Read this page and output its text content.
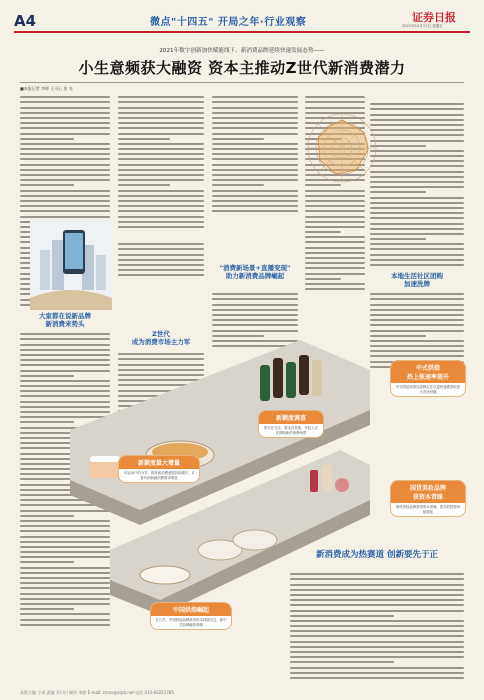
A4	微点"十四五" 开局之年·行业观察	证券日报
2021年12月17日 星期五
2021年数字创新加快赋能线下、新消费品牌延续快速发展态势——
小生意频获大融资 资本主推动Z世代新消费潜力
■本报记者 李婷 王可心 张 亮
大家都在说新品牌
新消费来势头
Z世代
成为消费市场主力军
"消费新场景+直播变现"
助力新消费品牌崛起	本地生活社区团购
加速洗牌
新颖度调查
资本在关注、资本在投资，年轻人正在期待新的消费场景
新颖度最大增量
年轻用户的分享、推荐和消费意愿持续增长，Z世代的新颖消费需求明显
中式烘焙
热上涨速率提升
中式烘焙和茶饮品牌正在以更快速度获取更大市场份额
国货美妆品牌
获资本青睐
国货美妆品牌获得资本青睐，资本的投资持续增加
中国烘焙崛起
近几年，中国烘焙品牌获得资本持续关注，新中式品牌融资频频
新消费成为热赛道 创新要先于正
本版主编 于南 责编 乔川川 制作 李波 E-mail: zmzx@zqrb.net 电话 010-83251785
